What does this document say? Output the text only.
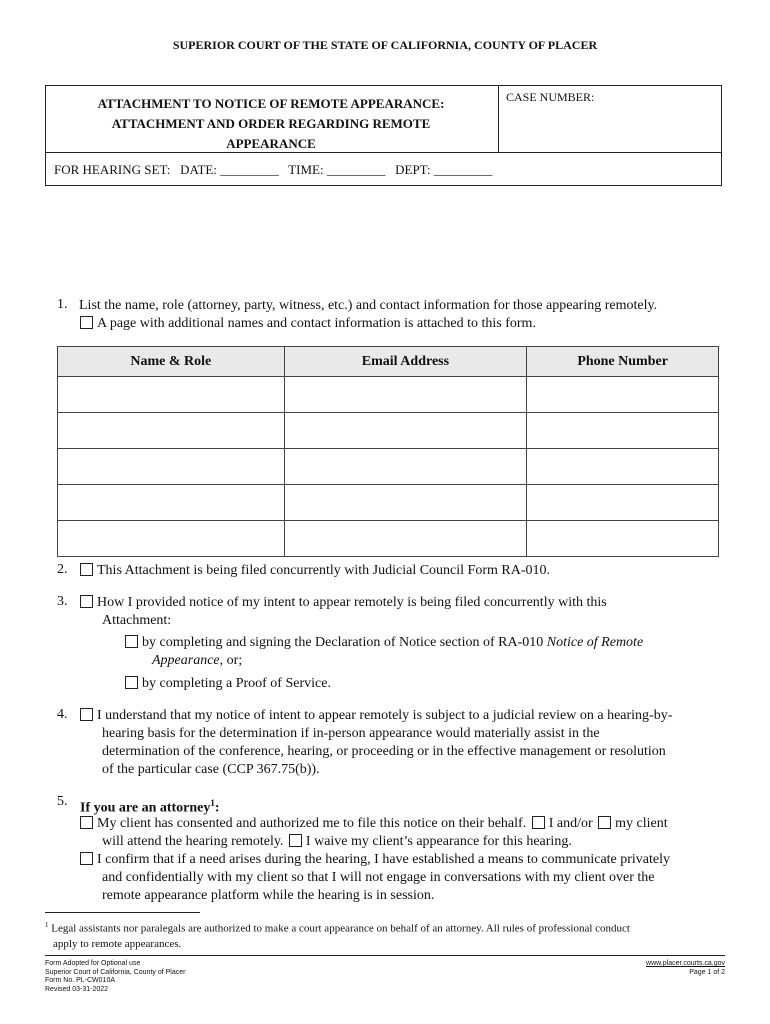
SUPERIOR COURT OF THE STATE OF CALIFORNIA, COUNTY OF PLACER
ATTACHMENT TO NOTICE OF REMOTE APPEARANCE:
ATTACHMENT AND ORDER REGARDING REMOTE
APPEARANCE
CASE NUMBER:
FOR HEARING SET: DATE: _________ TIME: _________ DEPT: _________
1. List the name, role (attorney, party, witness, etc.) and contact information for those appearing remotely.
A page with additional names and contact information is attached to this form.
Name & Role	Email Address	Phone Number

2.	This Attachment is being filed concurrently with Judicial Council Form RA-010.
3.	How I provided notice of my intent to appear remotely is being filed concurrently with this
Attachment:
by completing and signing the Declaration of Notice section of RA-010 Notice of Remote
Appearance, or;
by completing a Proof of Service.
4.	I understand that my notice of intent to appear remotely is subject to a judicial review on a hearing-by-
hearing basis for the determination if in-person appearance would materially assist in the
determination of the conference, hearing, or proceeding or in the effective management or resolution
of the particular case (CCP 367.75(b)).
5. If you are an attorney$^1$:
My client has consented and authorized me to file this notice on their behalf. I and/or my client
will attend the hearing remotely. I waive my client’s appearance for this hearing.
I confirm that if a need arises during the hearing, I have established a means to communicate privately
and confidentially with my client so that I will not engage in conversations with my client over the
remote appearance platform while the hearing is in session.
$^1$ Legal assistants nor paralegals are authorized to make a court appearance on behalf of an attorney. All rules of professional conduct
apply to remote appearances.
Form Adopted for Optional use
Superior Court of California, County of Placer
Form No. PL-CW010A
Revised 03-31-2022
www.placer.courts.ca.gov
Page 1 of 2
